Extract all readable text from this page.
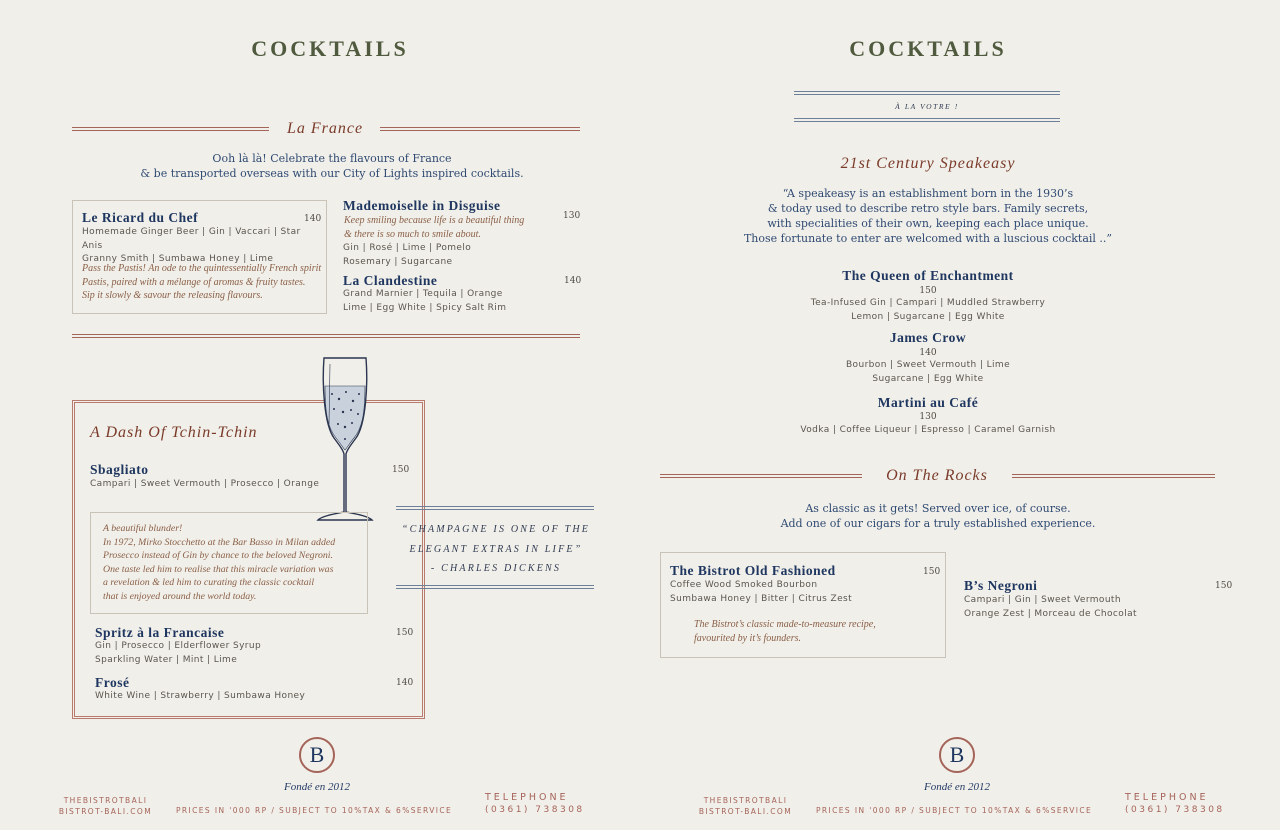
COCKTAILS
La France
Ooh là là! Celebrate the flavours of France
& be transported overseas with our City of Lights inspired cocktails.
Le Ricard du Chef	140
Homemade Ginger Beer | Gin | Vaccari | Star Anis
Granny Smith | Sumbawa Honey | Lime
Pass the Pastis! An ode to the quintessentially French spirit
Pastis, paired with a mélange of aromas & fruity tastes.
Sip it slowly & savour the releasing flavours.
Mademoiselle in Disguise
130
Keep smiling because life is a beautiful thing
& there is so much to smile about.
Gin | Rosé | Lime | Pomelo
Rosemary | Sugarcane
La Clandestine	140
Grand Marnier | Tequila | Orange
Lime | Egg White | Spicy Salt Rim
A Dash Of Tchin-Tchin
Sbagliato	150
Campari | Sweet Vermouth | Prosecco | Orange
A beautiful blunder!
In 1972, Mirko Stocchetto at the Bar Basso in Milan added
Prosecco instead of Gin by chance to the beloved Negroni.
One taste led him to realise that this miracle variation was
a revelation & led him to curating the classic cocktail
that is enjoyed around the world today.
Spritz à la Francaise	150
Gin | Prosecco | Elderflower Syrup
Sparkling Water | Mint | Lime
Frosé	140
White Wine | Strawberry | Sumbawa Honey
“CHAMPAGNE IS ONE OF THE
ELEGANT EXTRAS IN LIFE”
- CHARLES DICKENS
B
Fondé en 2012
THEBISTROTBALI
BISTROT-BALI.COM	PRICES IN '000 RP / SUBJECT TO 10%TAX & 6%SERVICE
TELEPHONE
(0361) 738308
COCKTAILS
À LA VOTRE !
21st Century Speakeasy
“A speakeasy is an establishment born in the 1930’s
& today used to describe retro style bars. Family secrets,
with specialities of their own, keeping each place unique.
Those fortunate to enter are welcomed with a luscious cocktail ..”
The Queen of Enchantment
150
Tea-Infused Gin | Campari | Muddled Strawberry
Lemon | Sugarcane | Egg White
James Crow
140
Bourbon | Sweet Vermouth | Lime
Sugarcane | Egg White
Martini au Café
130
Vodka | Coffee Liqueur | Espresso | Caramel Garnish
On The Rocks
As classic as it gets! Served over ice, of course.
Add one of our cigars for a truly established experience.
The Bistrot Old Fashioned	150
Coffee Wood Smoked Bourbon
Sumbawa Honey | Bitter | Citrus Zest
The Bistrot’s classic made-to-measure recipe,
favourited by it’s founders.
B’s Negroni	150
Campari | Gin | Sweet Vermouth
Orange Zest | Morceau de Chocolat
B
Fondé en 2012
THEBISTROTBALI
BISTROT-BALI.COM	PRICES IN '000 RP / SUBJECT TO 10%TAX & 6%SERVICE
TELEPHONE
(0361) 738308
